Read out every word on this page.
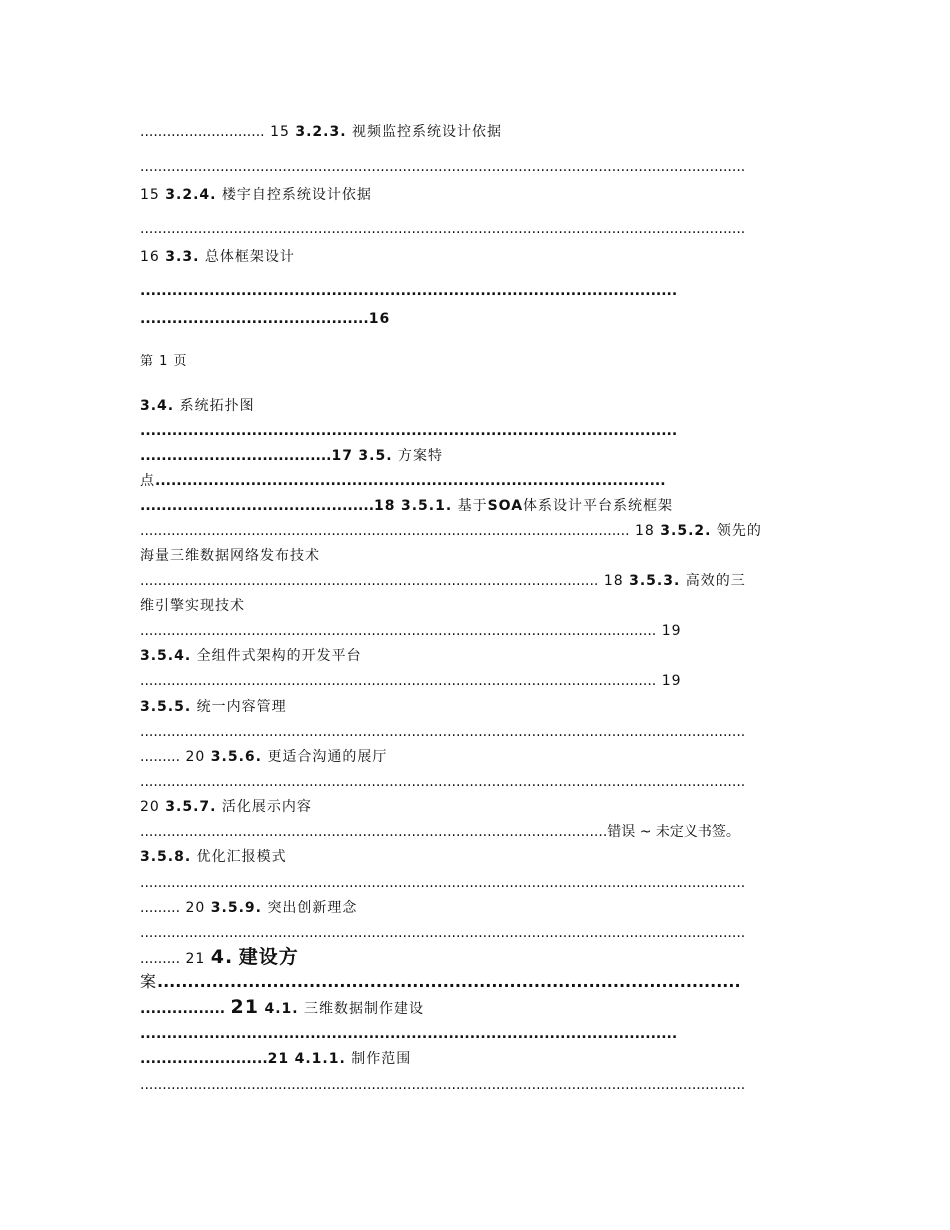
............................ 15 3.2.3. 视频监控系统设计依据
........................................................................................................................................
15 3.2.4. 楼宇自控系统设计依据
........................................................................................................................................
16 3.3. 总体框架设计
.....................................................................................................
...........................................16
第 1 页
3.4. 系统拓扑图
.....................................................................................................
....................................17 3.5. 方案特
点................................................................................................
............................................18 3.5.1. 基于SOA体系设计平台系统框架
.............................................................................................................. 18 3.5.2. 领先的
海量三维数据网络发布技术
....................................................................................................... 18 3.5.3. 高效的三
维引擎实现技术
.................................................................................................................... 19
3.5.4. 全组件式架构的开发平台
.................................................................................................................... 19
3.5.5. 统一内容管理
........................................................................................................................................
......... 20 3.5.6. 更适合沟通的展厅
........................................................................................................................................
20 3.5.7. 活化展示内容
.........................................................................................................错误 ~ 未定义书签。
3.5.8. 优化汇报模式
........................................................................................................................................
......... 20 3.5.9. 突出创新理念
........................................................................................................................................
......... 21 4. 建设方
案................................................................................................
................ 21 4.1. 三维数据制作建设
.....................................................................................................
........................21 4.1.1. 制作范围
........................................................................................................................................
